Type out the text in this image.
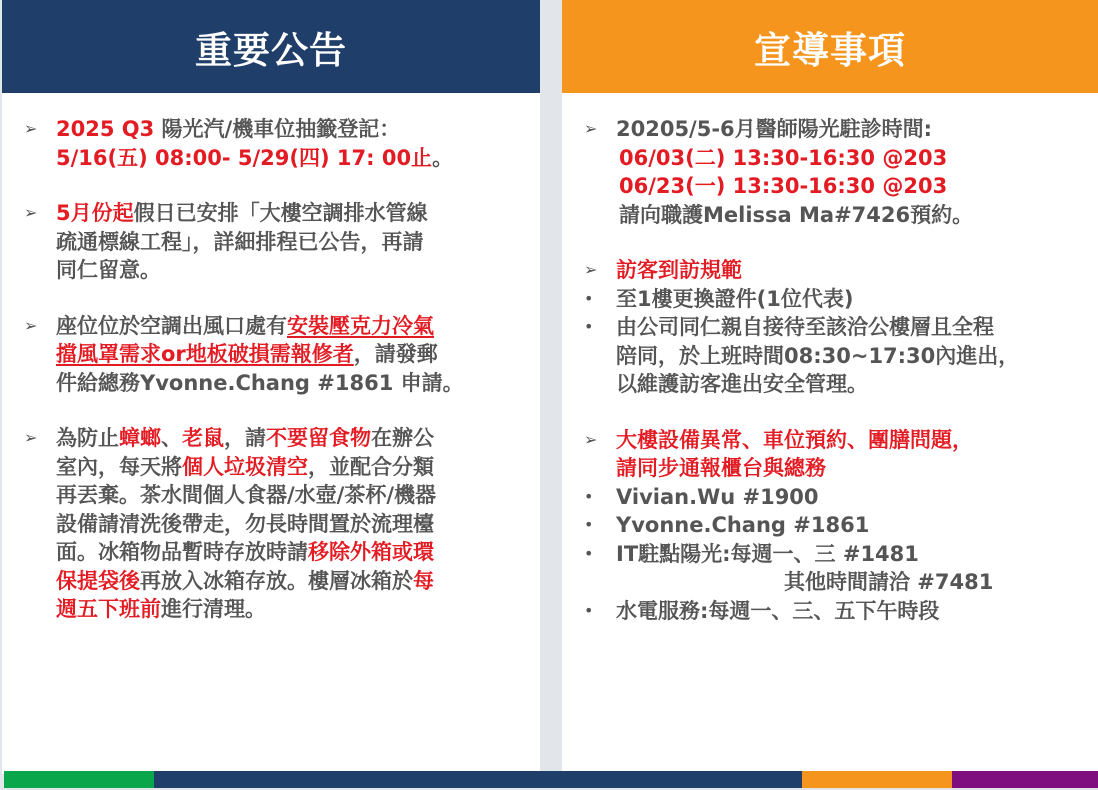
重要公告
➢ 2025 Q3 陽光汽/機車位抽籤登記：
5/16(五) 08:00- 5/29(四) 17: 00止。
➢ 5月份起假日已安排「大樓空調排水管線
疏通標線工程」，詳細排程已公告，再請
同仁留意。
➢ 座位位於空調出風口處有安裝壓克力冷氣
擋風罩需求or地板破損需報修者，請發郵
件給總務Yvonne.Chang #1861 申請。
➢ 為防止蟑螂、老鼠，請不要留食物在辦公
室內，每天將個人垃圾清空，並配合分類
再丟棄。茶水間個人食器/水壺/茶杯/機器
設備請清洗後帶走，勿長時間置於流理檯
面。冰箱物品暫時存放時請移除外箱或環
保提袋後再放入冰箱存放。樓層冰箱於每
週五下班前進行清理。
宣導事項
➢ 20205/5-6月醫師陽光駐診時間:
06/03(二) 13:30-16:30 @203
06/23(一) 13:30-16:30 @203
請向職護Melissa Ma#7426預約。
➢ 訪客到訪規範
•	至1樓更換證件(1位代表)
•	由公司同仁親自接待至該洽公樓層且全程
陪同，於上班時間08:30~17:30內進出，
以維護訪客進出安全管理。
➢ 大樓設備異常、車位預約、團膳問題，
請同步通報櫃台與總務
•	Vivian.Wu #1900
•	Yvonne.Chang #1861
•	IT駐點陽光:每週一、三 #1481
其他時間請洽 #7481
•	水電服務:每週一、三、五下午時段
